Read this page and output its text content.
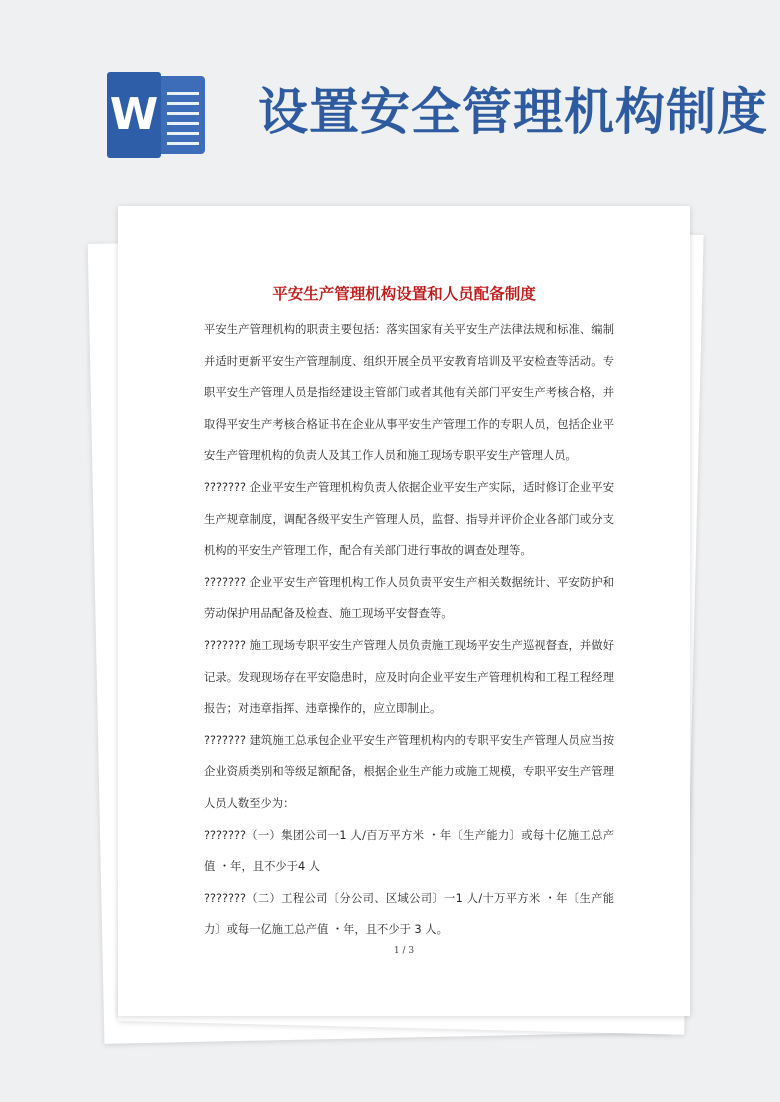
W 设置安全管理机构制度
平安生产管理机构设置和人员配备制度

平安生产管理机构的职责主要包括：落实国家有关平安生产法律法规和标准、编制并适时更新平安生产管理制度、组织开展全员平安教育培训及平安检查等活动。专职平安生产管理人员是指经建设主管部门或者其他有关部门平安生产考核合格，并取得平安生产考核合格证书在企业从事平安生产管理工作的专职人员，包括企业平安生产管理机构的负责人及其工作人员和施工现场专职平安生产管理人员。

??????? 企业平安生产管理机构负责人依据企业平安生产实际，适时修订企业平安生产规章制度，调配各级平安生产管理人员，监督、指导并评价企业各部门或分支机构的平安生产管理工作，配合有关部门进行事故的调查处理等。

??????? 企业平安生产管理机构工作人员负责平安生产相关数据统计、平安防护和劳动保护用品配备及检查、施工现场平安督查等。

??????? 施工现场专职平安生产管理人员负责施工现场平安生产巡视督查，并做好记录。发现现场存在平安隐患时，应及时向企业平安生产管理机构和工程工程经理报告；对违章指挥、违章操作的，应立即制止。

??????? 建筑施工总承包企业平安生产管理机构内的专职平安生产管理人员应当按企业资质类别和等级足额配备，根据企业生产能力或施工规模，专职平安生产管理人员人数至少为：

???????（一）集团公司一1 人/百万平方米 ・年〔生产能力〕或每十亿施工总产值 ・年，且不少于4 人

???????（二）工程公司〔分公司、区域公司〕一1 人/十万平方米 ・年〔生产能力〕或每一亿施工总产值 ・年，且不少于 3 人。

1 / 3
